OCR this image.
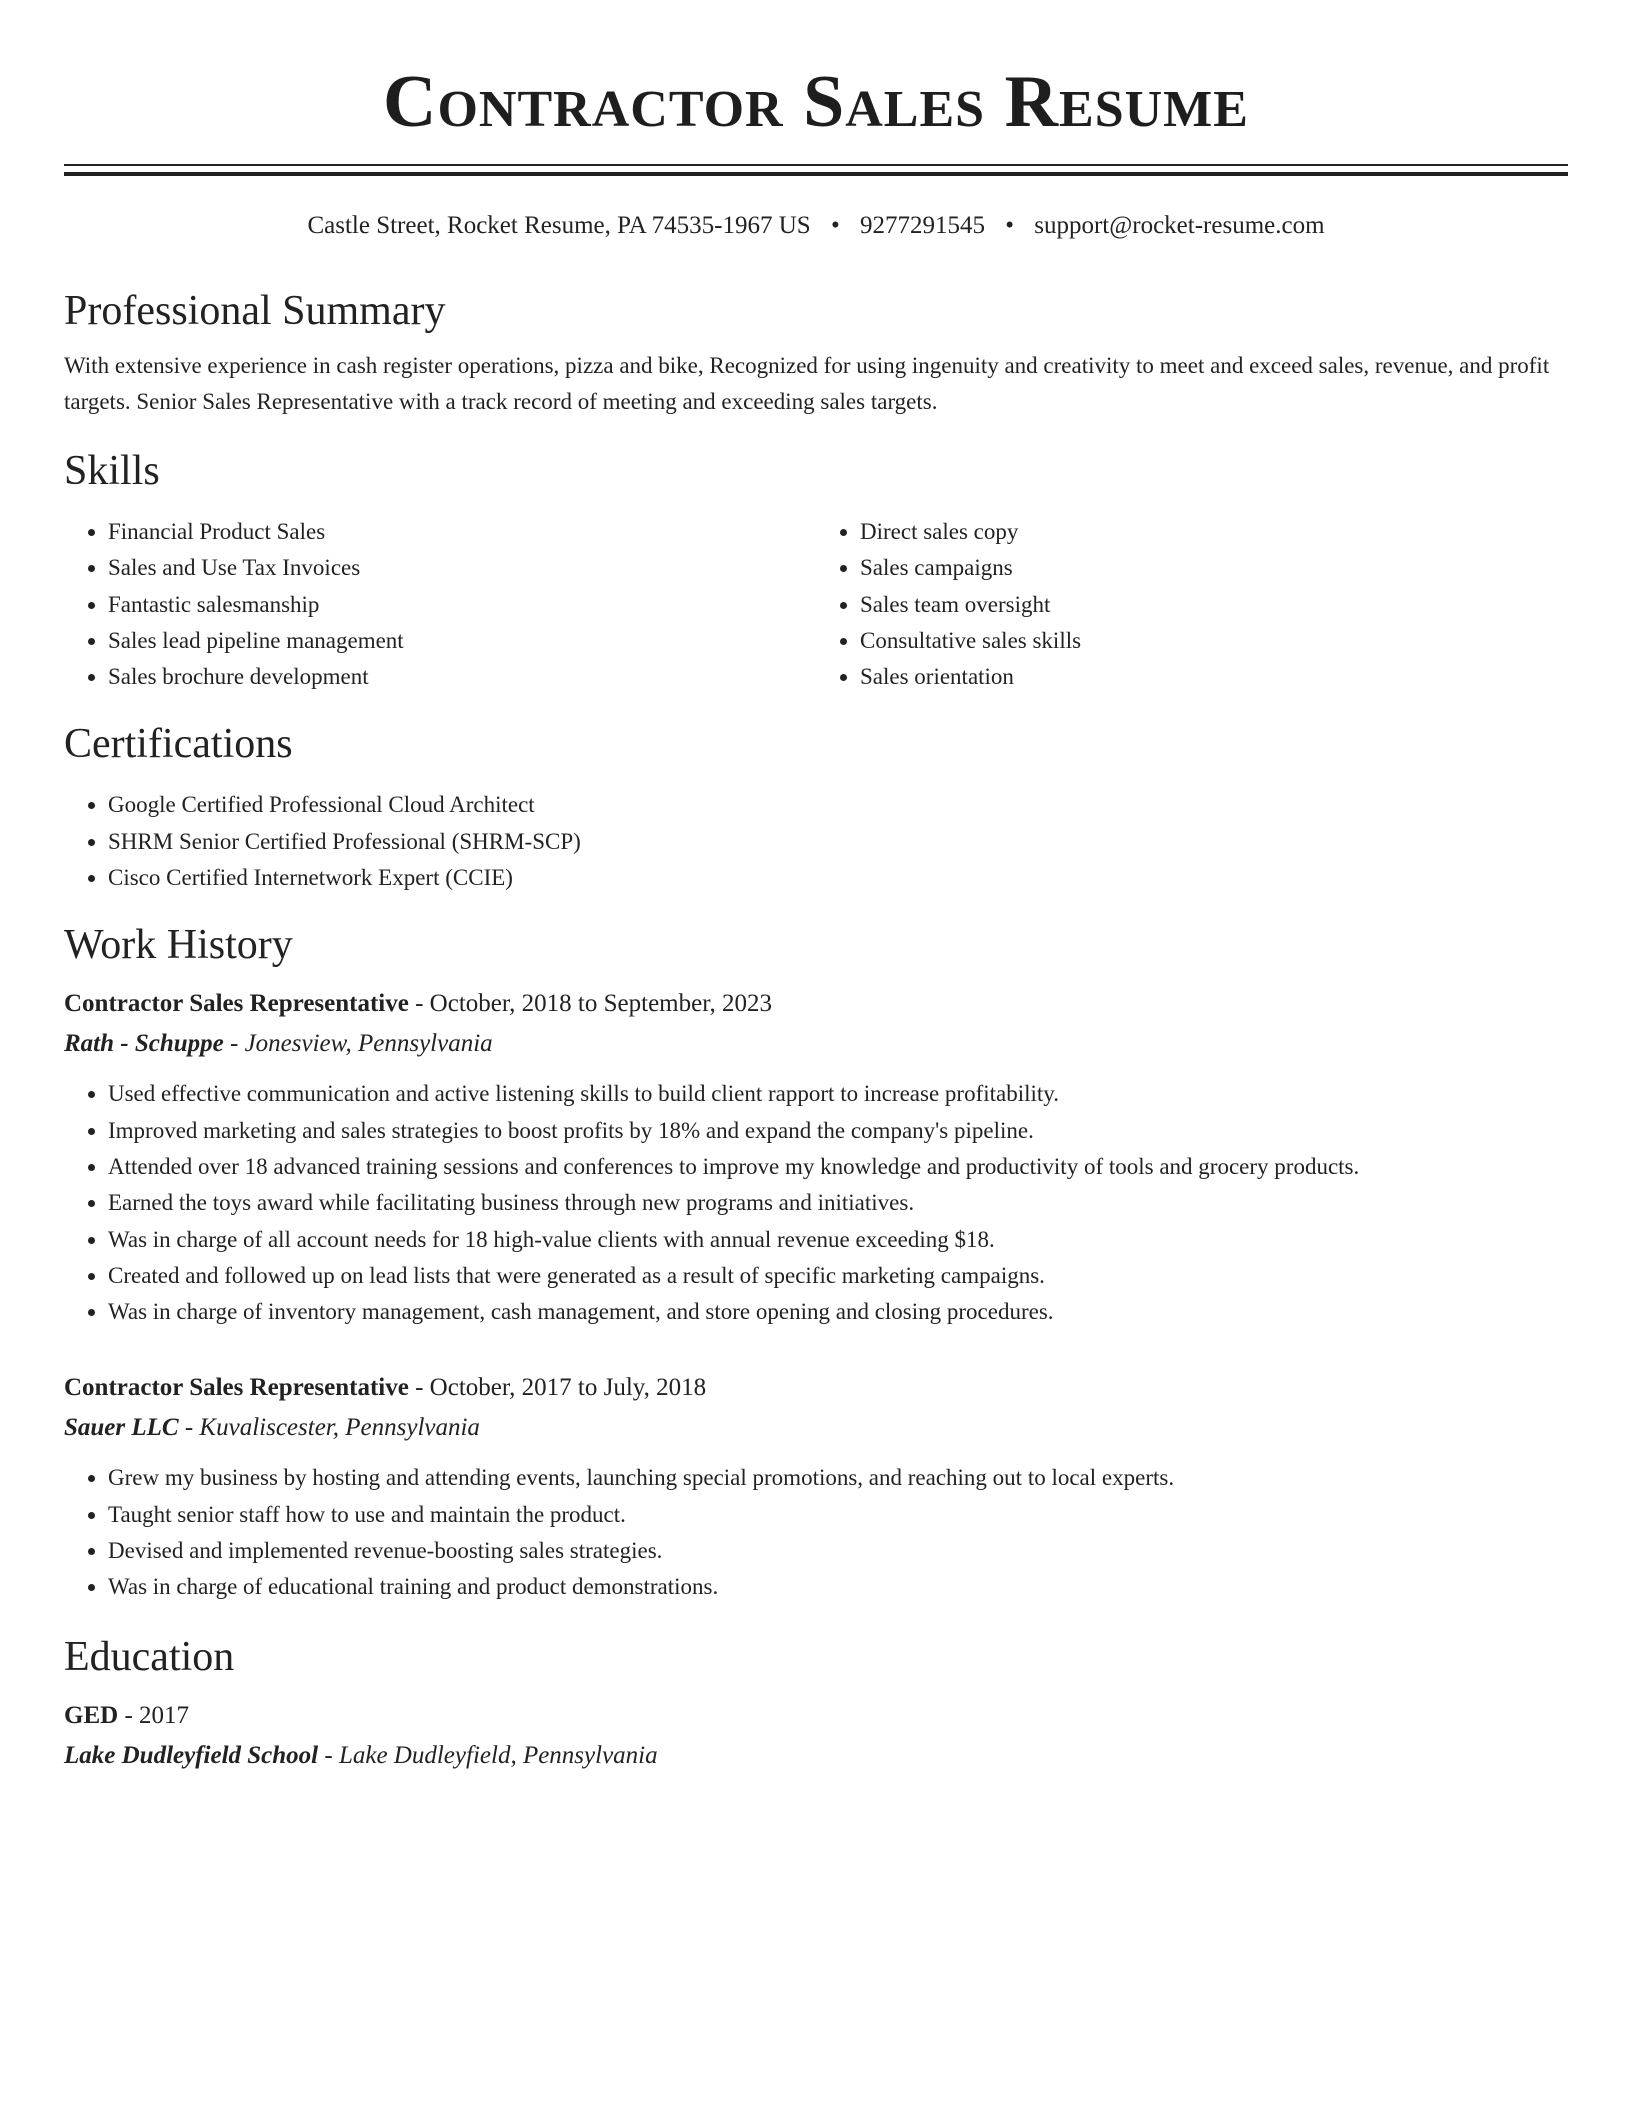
Contractor Sales Resume
Castle Street, Rocket Resume, PA 74535-1967 US • 9277291545 • support@rocket-resume.com
Professional Summary

With extensive experience in cash register operations, pizza and bike, Recognized for using ingenuity and creativity to meet and exceed sales, revenue, and profit targets. Senior Sales Representative with a track record of meeting and exceeding sales targets.

Skills
• Financial Product Sales
• Sales and Use Tax Invoices
• Fantastic salesmanship
• Sales lead pipeline management
• Sales brochure development
• Direct sales copy
• Sales campaigns
• Sales team oversight
• Consultative sales skills
• Sales orientation
Certifications
• Google Certified Professional Cloud Architect
• SHRM Senior Certified Professional (SHRM-SCP)
• Cisco Certified Internetwork Expert (CCIE)
Work History
Contractor Sales Representative - October, 2018 to September, 2023
Rath - Schuppe - Jonesview, Pennsylvania
• Used effective communication and active listening skills to build client rapport to increase profitability.
• Improved marketing and sales strategies to boost profits by 18% and expand the company's pipeline.
• Attended over 18 advanced training sessions and conferences to improve my knowledge and productivity of tools and grocery products.
• Earned the toys award while facilitating business through new programs and initiatives.
• Was in charge of all account needs for 18 high-value clients with annual revenue exceeding $18.
• Created and followed up on lead lists that were generated as a result of specific marketing campaigns.
• Was in charge of inventory management, cash management, and store opening and closing procedures.
Contractor Sales Representative - October, 2017 to July, 2018
Sauer LLC - Kuvaliscester, Pennsylvania
• Grew my business by hosting and attending events, launching special promotions, and reaching out to local experts.
• Taught senior staff how to use and maintain the product.
• Devised and implemented revenue-boosting sales strategies.
• Was in charge of educational training and product demonstrations.
Education
GED - 2017
Lake Dudleyfield School - Lake Dudleyfield, Pennsylvania
